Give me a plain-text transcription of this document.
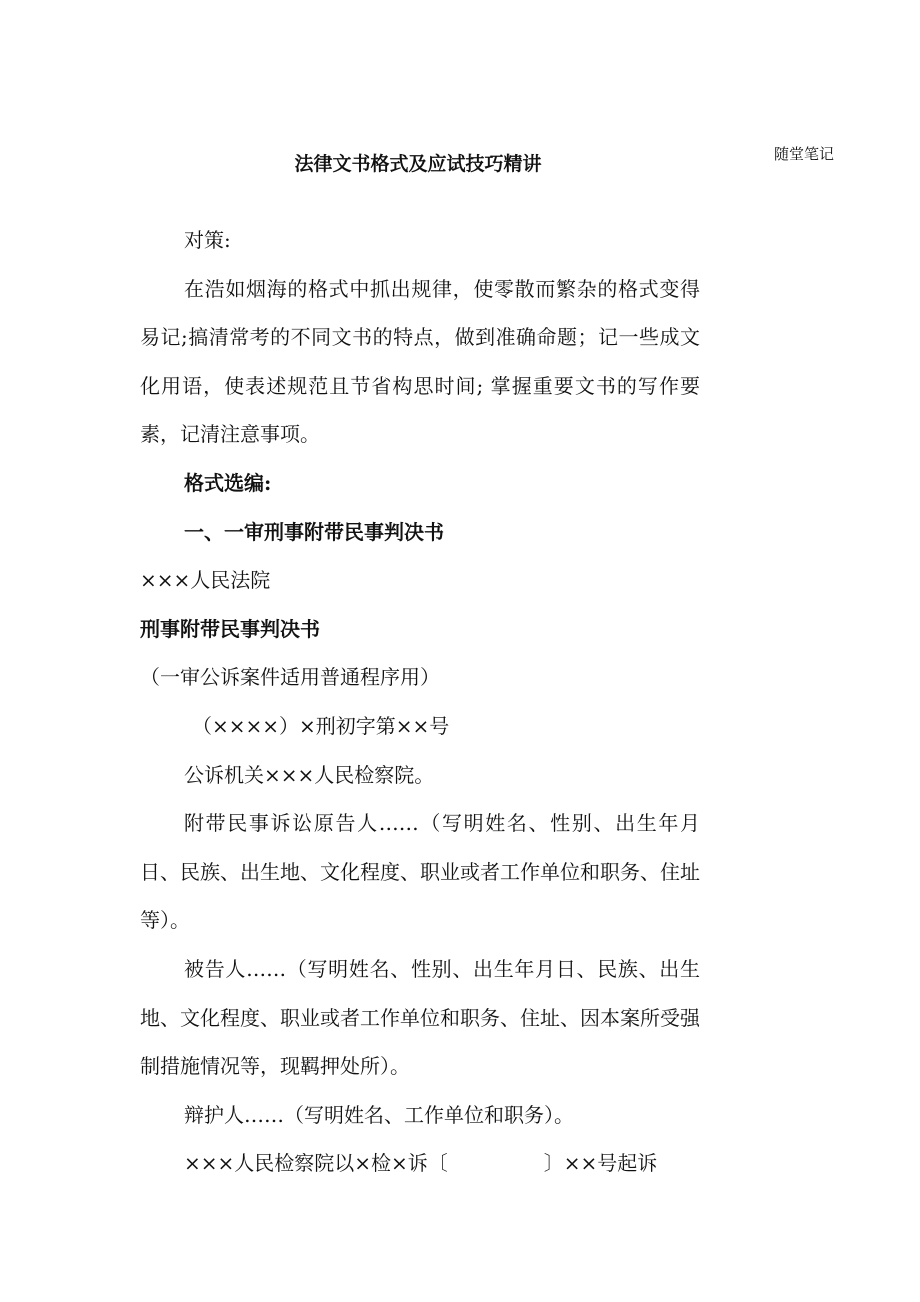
随堂笔记
法律文书格式及应试技巧精讲

对策:

在浩如烟海的格式中抓出规律，使零散而繁杂的格式变得易记;搞清常考的不同文书的特点，做到准确命题；记一些成文化用语，使表述规范且节省构思时间; 掌握重要文书的写作要素，记清注意事项。

格式选编:

一、一审刑事附带民事判决书

×××人民法院

刑事附带民事判决书

（一审公诉案件适用普通程序用）

（××××）×刑初字第××号

公诉机关×××人民检察院。

附带民事诉讼原告人……（写明姓名、性别、出生年月日、民族、出生地、文化程度、职业或者工作单位和职务、住址等）。

被告人……（写明姓名、性别、出生年月日、民族、出生地、文化程度、职业或者工作单位和职务、住址、因本案所受强制措施情况等，现羁押处所）。

辩护人……（写明姓名、工作单位和职务）。

×××人民检察院以×检×诉〔	〕××号起诉
